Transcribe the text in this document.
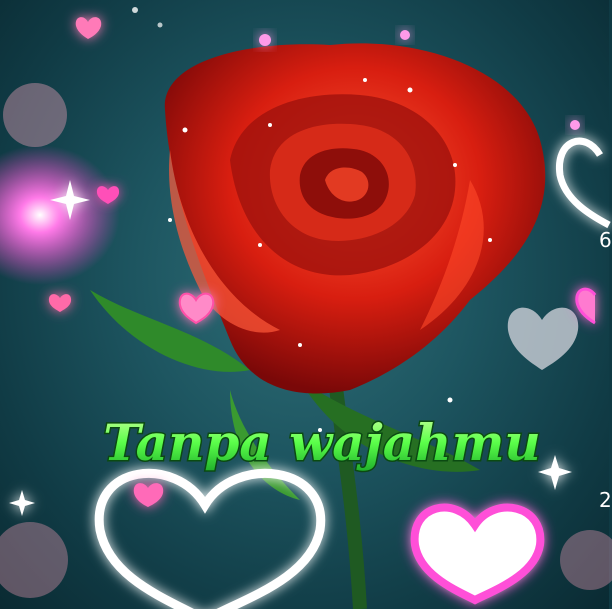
Tanpa wajahmu
6
2
